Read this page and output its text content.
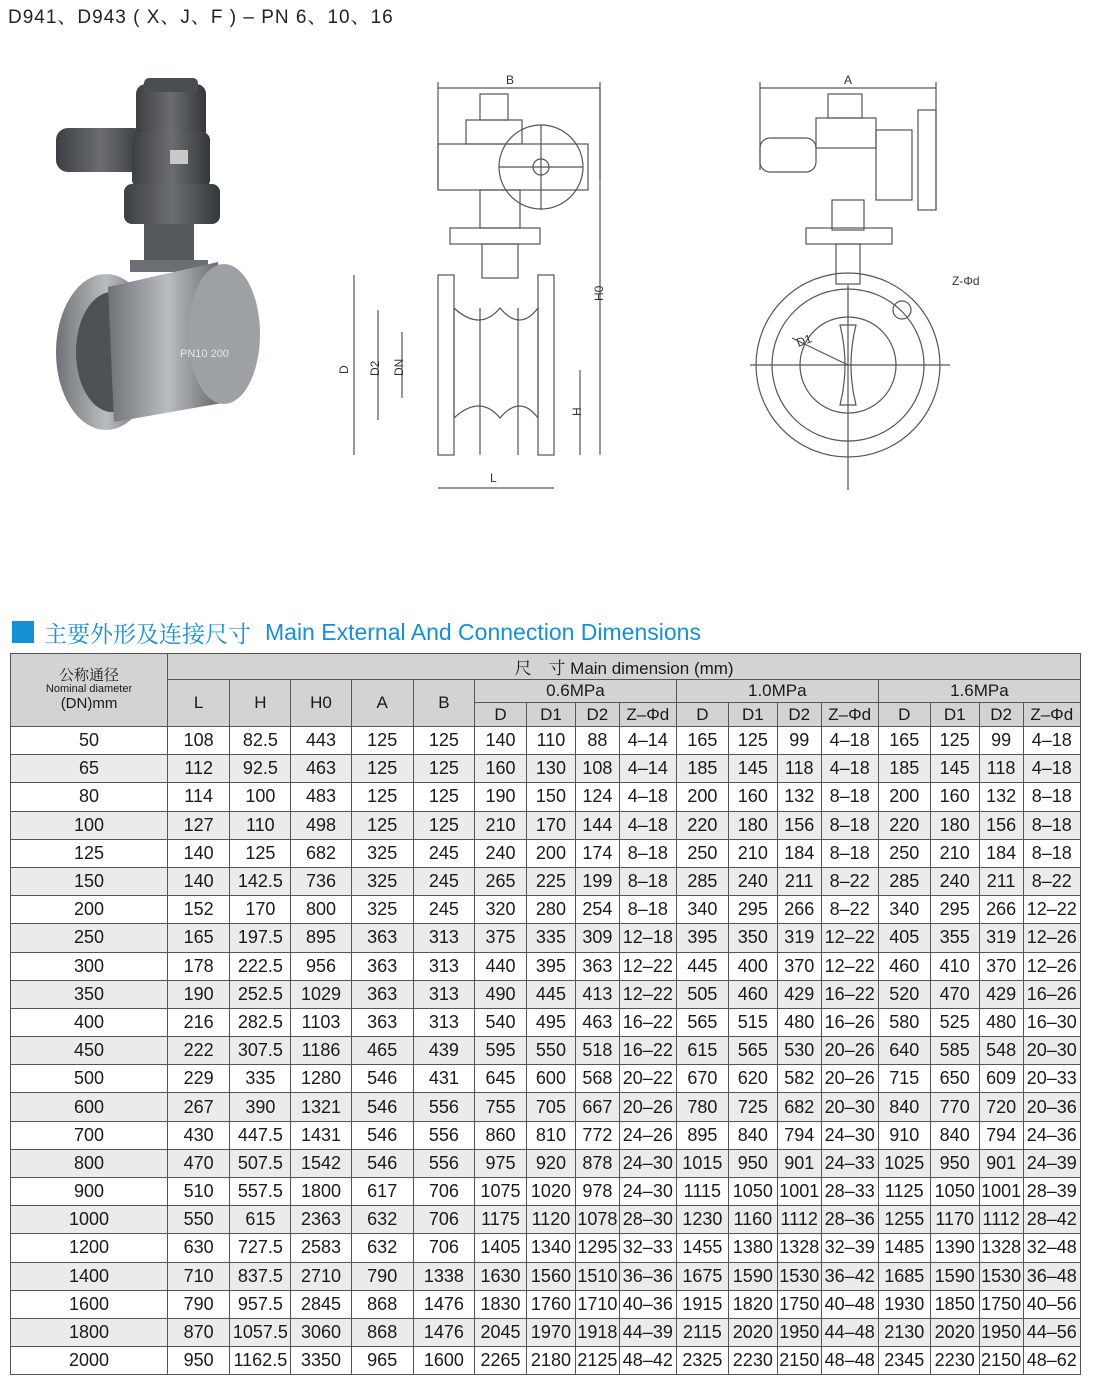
D941、D943 ( X、J、F ) – PN 6、10、16
PN10 200
B
H0
D D2 DN
H
L
A
D1
Z-Φd
主要外形及连接尺寸 Main External And Connection Dimensions
公称通径
Nominal diameter
(DN)mm	尺　寸 Main dimension (mm)																
	L	H	H0	A	B	0.6MPa				1.0MPa				1.6MPa			
						D	D1	D2	Z–Φd	D	D1	D2	Z–Φd	D	D1	D2	Z–Φd
50	108	82.5	443	125	125	140	110	88	4–14	165	125	99	4–18	165	125	99	4–18
65	112	92.5	463	125	125	160	130	108	4–14	185	145	118	4–18	185	145	118	4–18
80	114	100	483	125	125	190	150	124	4–18	200	160	132	8–18	200	160	132	8–18
100	127	110	498	125	125	210	170	144	4–18	220	180	156	8–18	220	180	156	8–18
125	140	125	682	325	245	240	200	174	8–18	250	210	184	8–18	250	210	184	8–18
150	140	142.5	736	325	245	265	225	199	8–18	285	240	211	8–22	285	240	211	8–22
200	152	170	800	325	245	320	280	254	8–18	340	295	266	8–22	340	295	266	12–22
250	165	197.5	895	363	313	375	335	309	12–18	395	350	319	12–22	405	355	319	12–26
300	178	222.5	956	363	313	440	395	363	12–22	445	400	370	12–22	460	410	370	12–26
350	190	252.5	1029	363	313	490	445	413	12–22	505	460	429	16–22	520	470	429	16–26
400	216	282.5	1103	363	313	540	495	463	16–22	565	515	480	16–26	580	525	480	16–30
450	222	307.5	1186	465	439	595	550	518	16–22	615	565	530	20–26	640	585	548	20–30
500	229	335	1280	546	431	645	600	568	20–22	670	620	582	20–26	715	650	609	20–33
600	267	390	1321	546	556	755	705	667	20–26	780	725	682	20–30	840	770	720	20–36
700	430	447.5	1431	546	556	860	810	772	24–26	895	840	794	24–30	910	840	794	24–36
800	470	507.5	1542	546	556	975	920	878	24–30	1015	950	901	24–33	1025	950	901	24–39
900	510	557.5	1800	617	706	1075	1020	978	24–30	1115	1050	1001	28–33	1125	1050	1001	28–39
1000	550	615	2363	632	706	1175	1120	1078	28–30	1230	1160	1112	28–36	1255	1170	1112	28–42
1200	630	727.5	2583	632	706	1405	1340	1295	32–33	1455	1380	1328	32–39	1485	1390	1328	32–48
1400	710	837.5	2710	790	1338	1630	1560	1510	36–36	1675	1590	1530	36–42	1685	1590	1530	36–48
1600	790	957.5	2845	868	1476	1830	1760	1710	40–36	1915	1820	1750	40–48	1930	1850	1750	40–56
1800	870	1057.5	3060	868	1476	2045	1970	1918	44–39	2115	2020	1950	44–48	2130	2020	1950	44–56
2000	950	1162.5	3350	965	1600	2265	2180	2125	48–42	2325	2230	2150	48–48	2345	2230	2150	48–62
